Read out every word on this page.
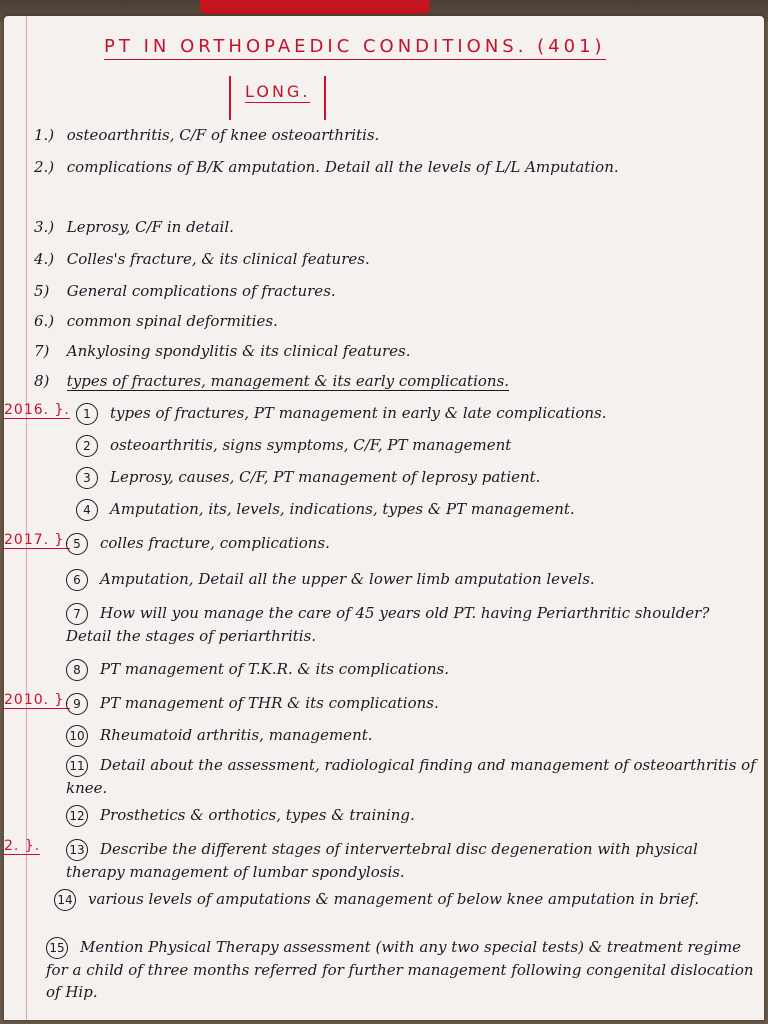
PT IN ORTHOPAEDIC CONDITIONS. (401)
LONG.
1.) osteoarthritis, C/F of knee osteoarthritis.
2.) complications of B/K amputation. Detail all the levels of L/L Amputation.
3.) Leprosy, C/F in detail.
4.) Colles's fracture, & its clinical features.
5) General complications of fractures.
6.) common spinal deformities.
7) Ankylosing spondylitis & its clinical features.
8) types of fractures, management & its early complications.
2016. }.	1 types of fractures, PT management in early & late complications.
2 osteoarthritis, signs symptoms, C/F, PT management
3 Leprosy, causes, C/F, PT management of leprosy patient.
4 Amputation, its, levels, indications, types & PT management.
2017. }. 5 colles fracture, complications.
6 Amputation, Detail all the upper & lower limb amputation levels.
7 How will you manage the care of 45 years old PT. having Periarthritic shoulder? Detail the stages of periarthritis.
8 PT management of T.K.R. & its complications.
2010. }. 9 PT management of THR & its complications.
10 Rheumatoid arthritis, management.
11 Detail about the assessment, radiological finding and management of osteoarthritis of knee.
12 Prosthetics & orthotics, types & training.
2. }. 13 Describe the different stages of intervertebral disc degeneration with physical therapy management of lumbar spondylosis.
14 various levels of amputations & management of below knee amputation in brief.
15 Mention Physical Therapy assessment (with any two special tests) & treatment regime for a child of three months referred for further management following congenital dislocation of Hip.
